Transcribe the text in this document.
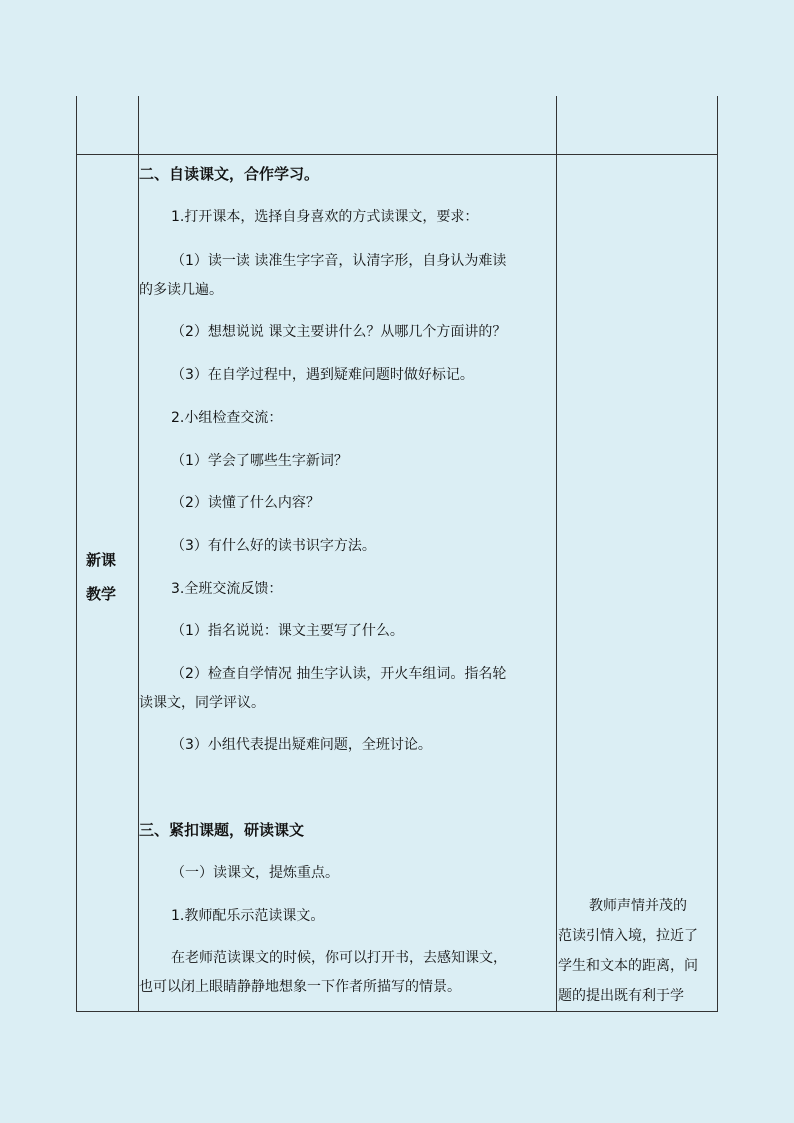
新课
教学
二、自读课文，合作学习。
1.打开课本，选择自身喜欢的方式读课文，要求：
（1）读一读 读准生字字音，认清字形，自身认为难读
的多读几遍。
（2）想想说说 课文主要讲什么？从哪几个方面讲的？
（3）在自学过程中，遇到疑难问题时做好标记。
2.小组检查交流：
（1）学会了哪些生字新词？
（2）读懂了什么内容？
（3）有什么好的读书识字方法。
3.全班交流反馈：
（1）指名说说：课文主要写了什么。
（2）检查自学情况 抽生字认读，开火车组词。指名轮
读课文，同学评议。
（3）小组代表提出疑难问题，全班讨论。
三、紧扣课题，研读课文
（一）读课文，提炼重点。
1.教师配乐示范读课文。
在老师范读课文的时候，你可以打开书，去感知课文，
也可以闭上眼睛静静地想象一下作者所描写的情景。
教师声情并茂的
范读引情入境，拉近了
学生和文本的距离，问
题的提出既有利于学
